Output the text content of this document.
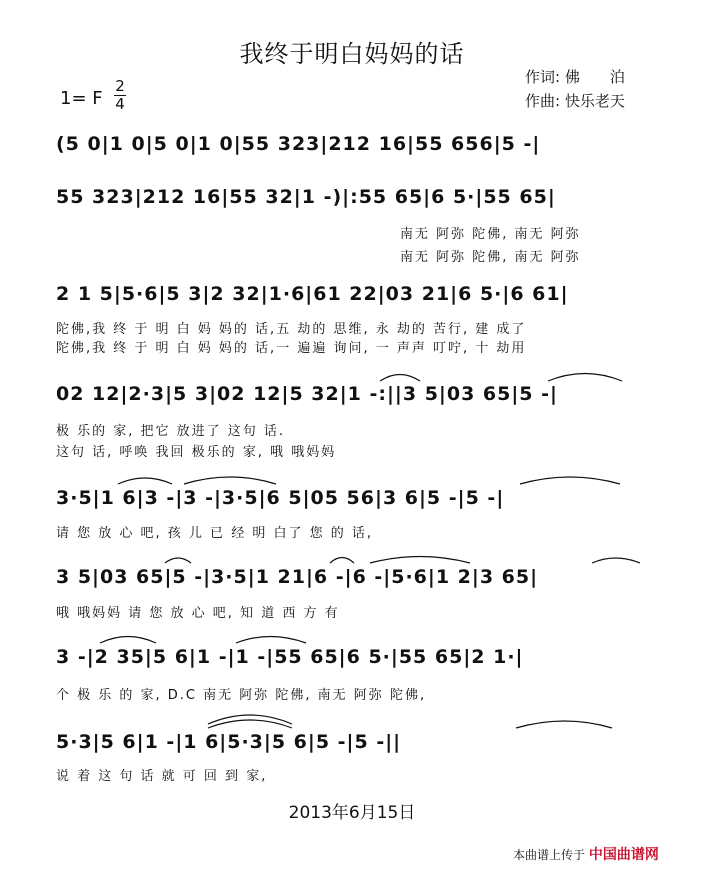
我终于明白妈妈的话
作词: 佛　　泊
作曲: 快乐老天
1= F
2
4
(5 0|1 0|5 0|1 0|55 323|212 16|55 656|5 -|
55 323|212 16|55 32|1 -)|:55 65|6 5·|55 65|
南无 阿弥 陀佛, 南无 阿弥
南无 阿弥 陀佛, 南无 阿弥
2 1 5|5·6|5 3|2 32|1·6|61 22|03 21|6 5·|6 61|
陀佛,我 终 于 明 白 妈 妈的 话,五 劫的 思维, 永 劫的 苦行, 建 成了
陀佛,我 终 于 明 白 妈 妈的 话,一 遍遍 询问, 一 声声 叮咛, 十 劫用
02 12|2·3|5 3|02 12|5 32|1 -:||3 5|03 65|5 -|
极 乐的 家, 把它 放进了 这句 话.
这句 话, 呼唤 我回 极乐的 家, 哦 哦妈妈
3·5|1 6|3 -|3 -|3·5|6 5|05 56|3 6|5 -|5 -|
请 您 放 心 吧, 孩 儿 已 经 明 白了 您 的 话,
3 5|03 65|5 -|3·5|1 21|6 -|6 -|5·6|1 2|3 65|
哦 哦妈妈 请 您 放 心 吧, 知 道 西 方 有
3 -|2 35|5 6|1 -|1 -|55 65|6 5·|55 65|2 1·|
个 极 乐 的 家, D.C 南无 阿弥 陀佛, 南无 阿弥 陀佛,
5·3|5 6|1 -|1 6|5·3|5 6|5 -|5 -||
说 着 这 句 话 就 可 回 到 家,
2013年6月15日
本曲谱上传于 中国曲谱网
